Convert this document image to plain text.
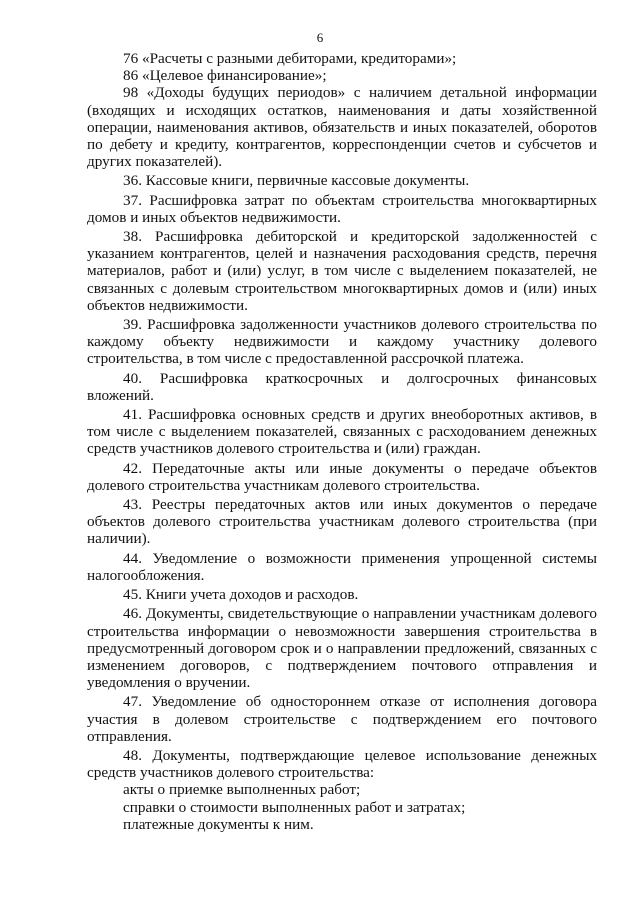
6

76 «Расчеты с разными дебиторами, кредиторами»;

86 «Целевое финансирование»;

98 «Доходы будущих периодов» с наличием детальной информации (входящих и исходящих остатков, наименования и даты хозяйственной операции, наименования активов, обязательств и иных показателей, оборотов по дебету и кредиту, контрагентов, корреспонденции счетов и субсчетов и других показателей).

36. Кассовые книги, первичные кассовые документы.

37. Расшифровка затрат по объектам строительства многоквартирных домов и иных объектов недвижимости.

38. Расшифровка дебиторской и кредиторской задолженностей с указанием контрагентов, целей и назначения расходования средств, перечня материалов, работ и (или) услуг, в том числе с выделением показателей, не связанных с долевым строительством многоквартирных домов и (или) иных объектов недвижимости.

39. Расшифровка задолженности участников долевого строительства по каждому объекту недвижимости и каждому участнику долевого строительства, в том числе с предоставленной рассрочкой платежа.

40. Расшифровка краткосрочных и долгосрочных финансовых вложений.

41. Расшифровка основных средств и других внеоборотных активов, в том числе с выделением показателей, связанных с расходованием денежных средств участников долевого строительства и (или) граждан.

42. Передаточные акты или иные документы о передаче объектов долевого строительства участникам долевого строительства.

43. Реестры передаточных актов или иных документов о передаче объектов долевого строительства участникам долевого строительства (при наличии).

44. Уведомление о возможности применения упрощенной системы налогообложения.

45. Книги учета доходов и расходов.

46. Документы, свидетельствующие о направлении участникам долевого строительства информации о невозможности завершения строительства в предусмотренный договором срок и о направлении предложений, связанных с изменением договоров, с подтверждением почтового отправления и уведомления о вручении.

47. Уведомление об одностороннем отказе от исполнения договора участия в долевом строительстве с подтверждением его почтового отправления.

48. Документы, подтверждающие целевое использование денежных средств участников долевого строительства:

акты о приемке выполненных работ;

справки о стоимости выполненных работ и затратах;

платежные документы к ним.
